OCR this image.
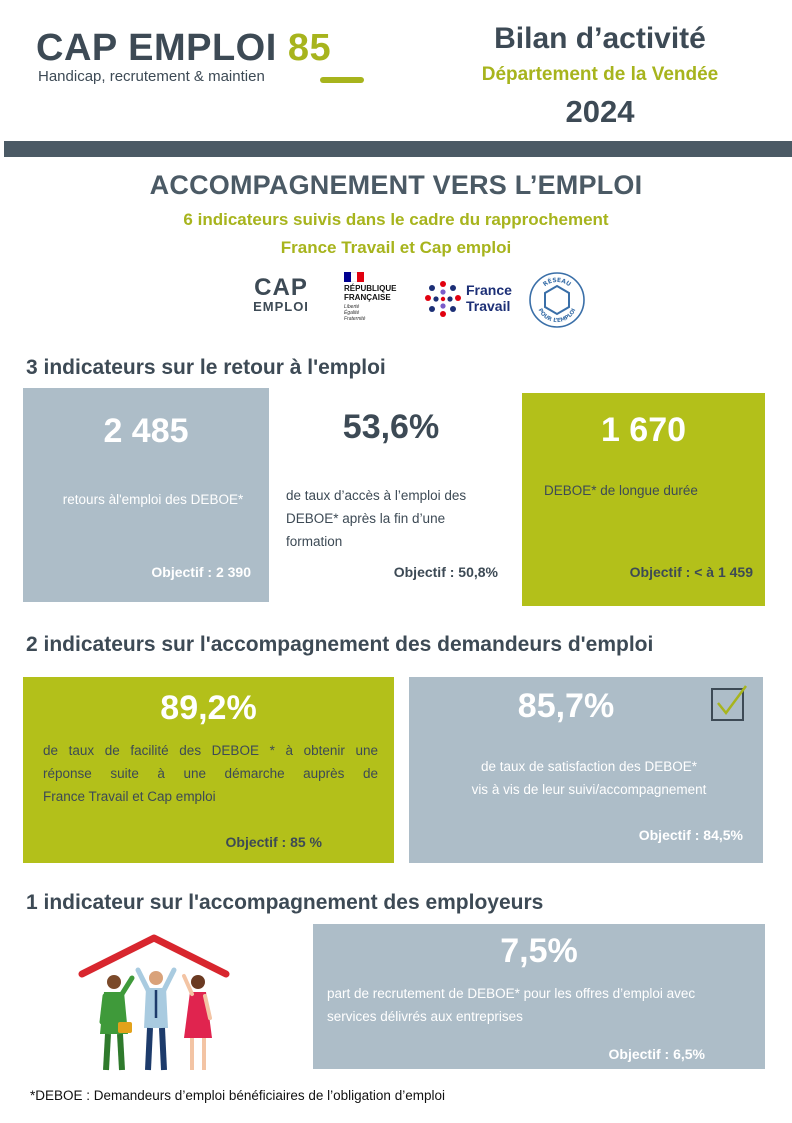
CAP EMPLOI 85
Handicap, recrutement & maintien
Bilan d’activité
Département de la Vendée
2024
ACCOMPAGNEMENT VERS L’EMPLOI
6 indicateurs suivis dans le cadre du rapprochement
France Travail et Cap emploi
CAP
EMPLOI
RÉPUBLIQUE
FRANÇAISE
Liberté
Égalité
Fraternité
France
Travail
RÉSEAU
POUR L’EMPLOI
3 indicateurs sur le retour à l'emploi
2 485
retours àl'emploi des DEBOE*
Objectif : 2 390
53,6%
de taux d’accès à l’emploi des
DEBOE* après la fin d’une
formation
Objectif : 50,8%
1 670
DEBOE* de longue durée
Objectif : < à 1 459
2 indicateurs sur l'accompagnement des demandeurs d'emploi
89,2%
de taux de facilité des DEBOE * à obtenir une
réponse suite à une démarche auprès de
France Travail et Cap emploi
Objectif : 85 %
85,7%
de taux de satisfaction des DEBOE*
vis à vis de leur suivi/accompagnement
Objectif : 84,5%
1 indicateur sur l'accompagnement des employeurs
7,5%
part de recrutement de DEBOE* pour les offres d’emploi avec
services délivrés aux entreprises
Objectif : 6,5%
*DEBOE : Demandeurs d’emploi bénéficiaires de l’obligation d’emploi
